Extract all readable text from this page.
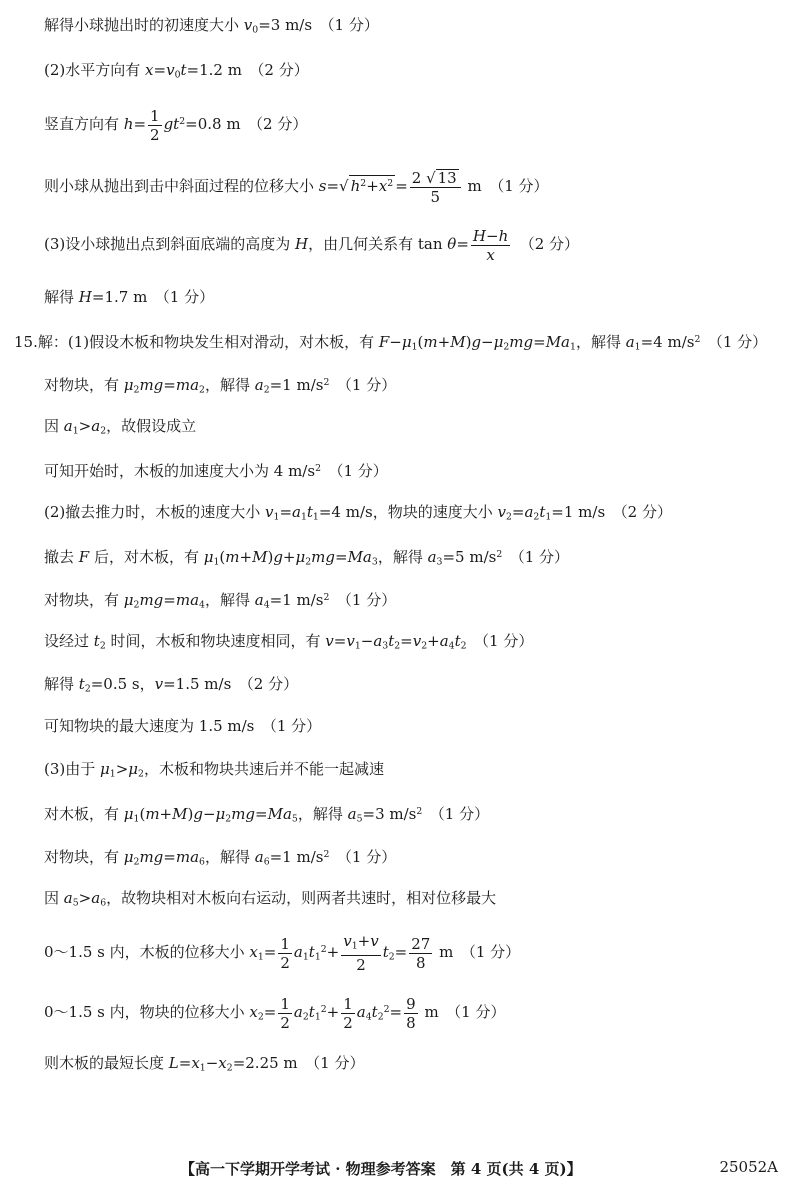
解得小球抛出时的初速度大小 $v_0=3$ m/s　（1 分）
(2)水平方向有 $x=v_0t=1.2$ m　（2 分）
竖直方向有 $h= \frac{1}{2} gt^2=0.8$ m　（2 分）
则小球从抛出到击中斜面过程的位移大小 s=√ $h^2+x^2 = \frac{2 √ 13}{5}$ m　（1 分）
(3)设小球抛出点到斜面底端的高度为 H，由几何关系有 $\tan \theta= \frac{H-h}{x}$ 　（2 分）
解得 H=1.7 m　（1 分）
15.解：(1)假设木板和物块发生相对滑动，对木板，有 $F-\mu_1(m+M)g-\mu_2mg=Ma_1$，解得 $a_1=4$ $m/s^2$　（1 分）
对物块，有 $\mu_2mg=ma_2$，解得 $a_2=1$ $m/s^2$　（1 分）
因 $a_1>a_2$，故假设成立
可知开始时，木板的加速度大小为 4 $m/s^2$　（1 分）
(2)撤去推力时，木板的速度大小 $v_1=a_1t_1=4$ m/s，物块的速度大小 $v_2=a_2t_1=1$ m/s　（2 分）
撤去 F 后，对木板，有 $\mu_1(m+M)g+\mu_2mg=Ma_3$，解得 $a_3=5$ $m/s^2$　（1 分）
对物块，有 $\mu_2mg=ma_4$，解得 $a_4=1$ $m/s^2$　（1 分）
设经过 $t_2$ 时间，木板和物块速度相同，有 $v=v_1-a_3t_2=v_2+a_4t_2$　（1 分）
解得 $t_2=0.5$ s，v=1.5 m/s　（2 分）
可知物块的最大速度为 1.5 m/s　（1 分）
(3)由于 $\mu_1>\mu_2$，木板和物块共速后并不能一起减速
对木板，有 $\mu_1(m+M)g-\mu_2mg=Ma_5$，解得 $a_5=3$ $m/s^2$　（1 分）
对物块，有 $\mu_2mg=ma_6$，解得 $a_6=1$ $m/s^2$　（1 分）
因 $a_5>a_6$，故物块相对木板向右运动，则两者共速时，相对位移最大
0～1.5 s 内，木板的位移大小 $x_1= \frac{1}{2} a_1t_1^2+ \frac{v_1+v}{2} t_2= \frac{27}{8}$ m　（1 分）
0～1.5 s 内，物块的位移大小 $x_2= \frac{1}{2} a_2t_1^2+ \frac{1}{2} a_4t_2^2= \frac{9}{8}$ m　（1 分）
则木板的最短长度 $L=x_1-x_2=2.25$ m　（1 分）
【高一下学期开学考试 · 物理参考答案　第 4 页(共 4 页)】	25052A
